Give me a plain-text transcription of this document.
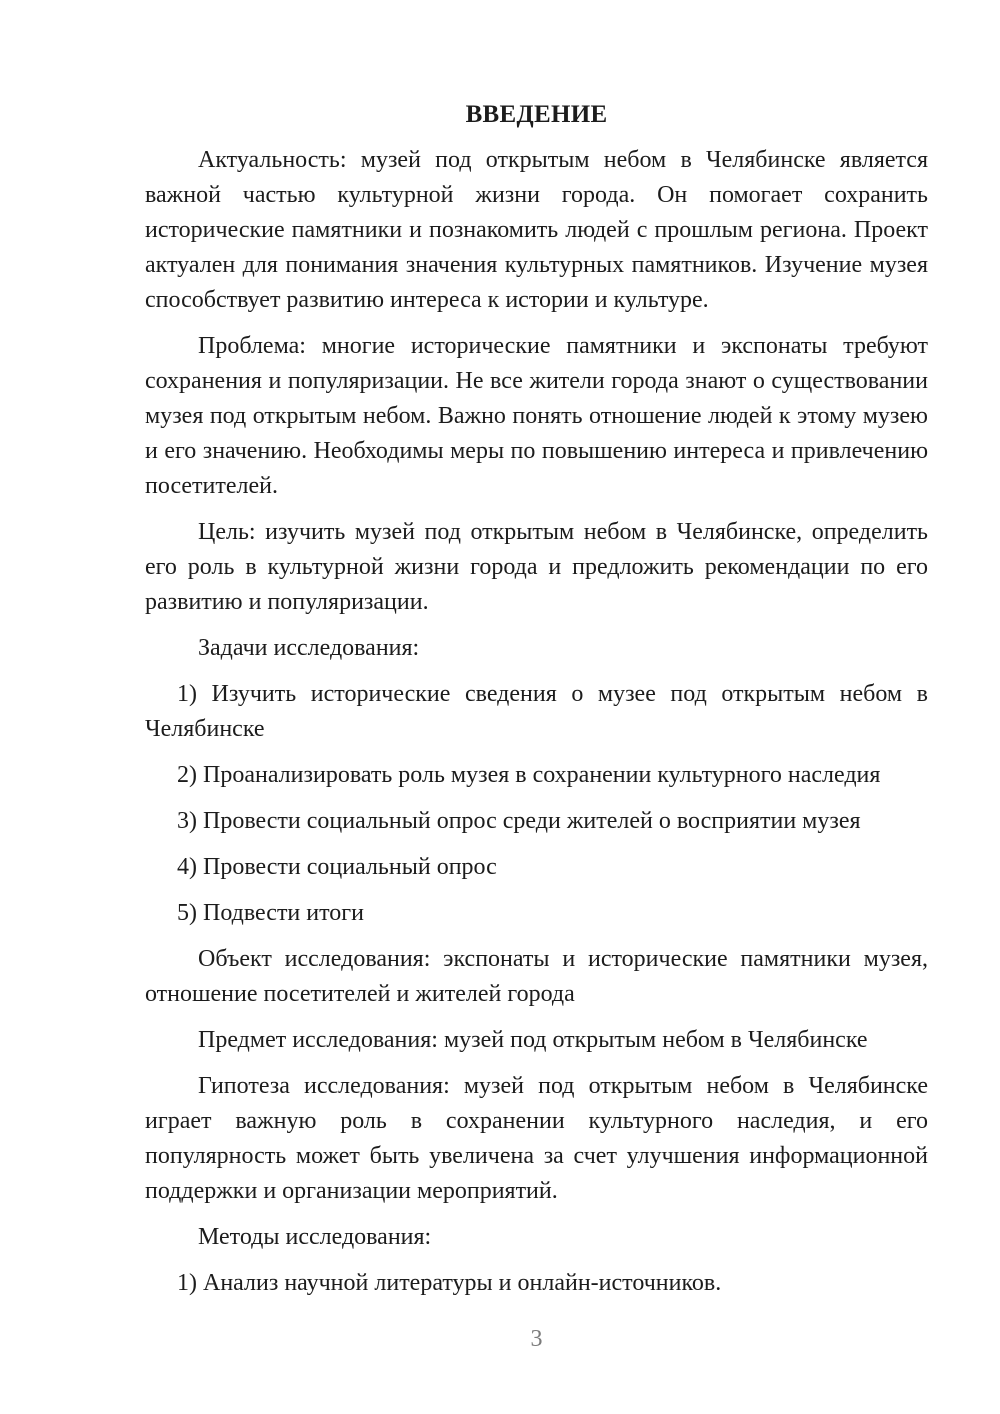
ВВЕДЕНИЕ

Актуальность: музей под открытым небом в Челябинске является важной частью культурной жизни города. Он помогает сохранить исторические памятники и познакомить людей с прошлым региона. Проект актуален для понимания значения культурных памятников. Изучение музея способствует развитию интереса к истории и культуре.

Проблема: многие исторические памятники и экспонаты требуют сохранения и популяризации. Не все жители города знают о существовании музея под открытым небом. Важно понять отношение людей к этому музею и его значению. Необходимы меры по повышению интереса и привлечению посетителей.

Цель: изучить музей под открытым небом в Челябинске, определить его роль в культурной жизни города и предложить рекомендации по его развитию и популяризации.

Задачи исследования:

1) Изучить исторические сведения о музее под открытым небом в Челябинске

2) Проанализировать роль музея в сохранении культурного наследия

3) Провести социальный опрос среди жителей о восприятии музея

4) Провести социальный опрос

5) Подвести итоги

Объект исследования: экспонаты и исторические памятники музея, отношение посетителей и жителей города

Предмет исследования: музей под открытым небом в Челябинске

Гипотеза исследования: музей под открытым небом в Челябинске играет важную роль в сохранении культурного наследия, и его популярность может быть увеличена за счет улучшения информационной поддержки и организации мероприятий.

Методы исследования:

1) Анализ научной литературы и онлайн-источников.

3
